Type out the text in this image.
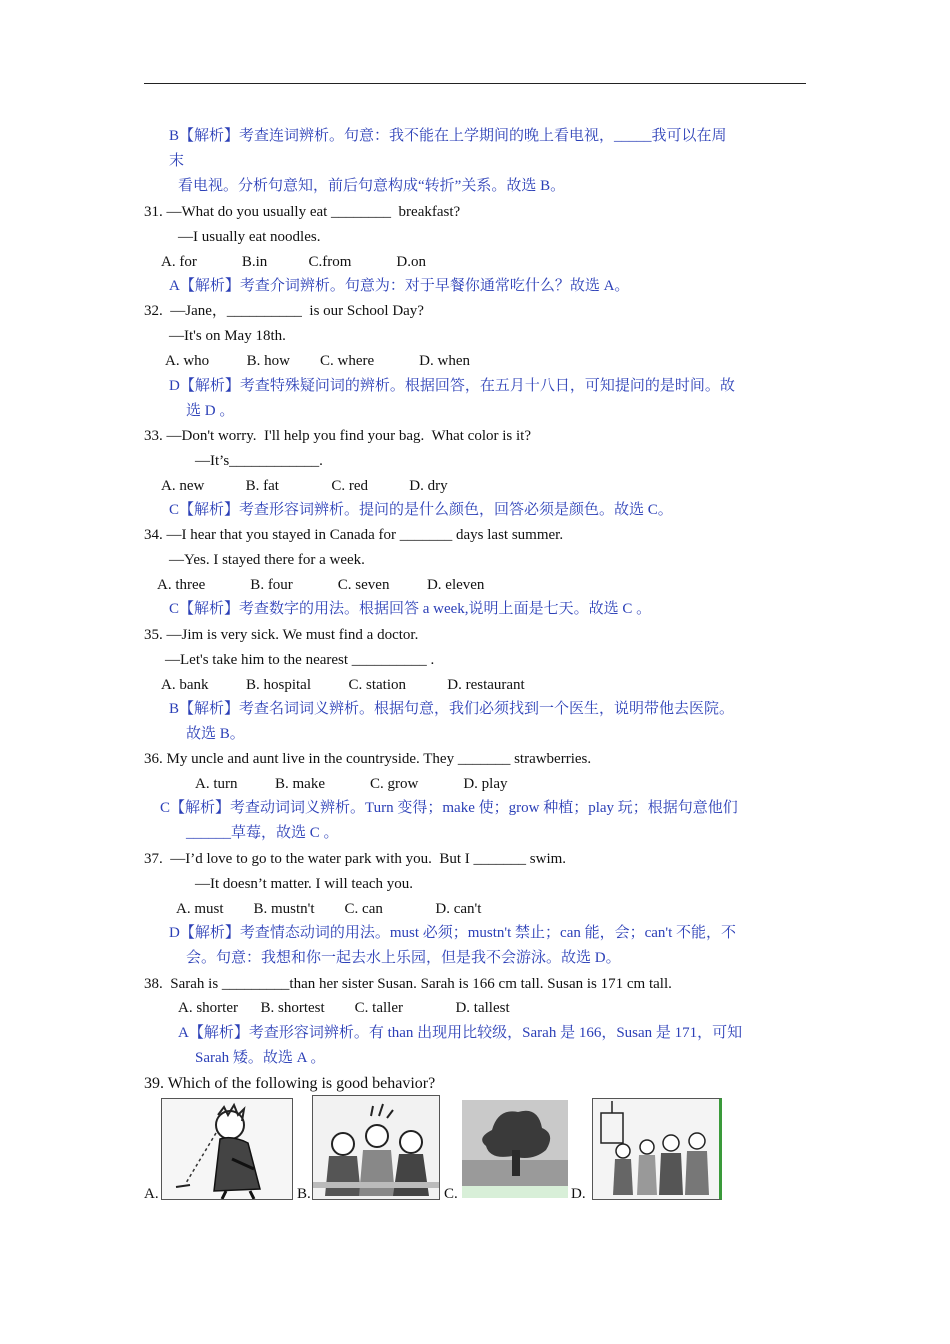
B【解析】考查连词辨析。句意：我不能在上学期间的晚上看电视，_____我可以在周
末
看电视。分析句意知，前后句意构成“转折”关系。故选 B。
31. —What do you usually eat ________  breakfast?
—I usually eat noodles.
A. for            B.in           C.from            D.on
A【解析】考查介词辨析。句意为：对于早餐你通常吃什么？故选 A。
32.  —Jane，__________  is our School Day?
—It's on May 18th.
A. who          B. how        C. where            D. when
D【解析】考查特殊疑问词的辨析。根据回答，在五月十八日，可知提问的是时间。故
选 D 。
33. —Don't worry.  I'll help you find your bag.  What color is it?
—It’s____________.
A. new           B. fat              C. red           D. dry
C【解析】考查形容词辨析。提问的是什么颜色，回答必须是颜色。故选 C。
34. —I hear that you stayed in Canada for _______ days last summer.
—Yes. I stayed there for a week.
A. three            B. four            C. seven          D. eleven
C【解析】考查数字的用法。根据回答 a week,说明上面是七天。故选 C 。
35. —Jim is very sick. We must find a doctor.
—Let's take him to the nearest __________ .
A. bank          B. hospital          C. station           D. restaurant
B【解析】考查名词词义辨析。根据句意，我们必须找到一个医生，说明带他去医院。
故选 B。
36. My uncle and aunt live in the countryside. They _______ strawberries.
A. turn          B. make            C. grow            D. play
C【解析】考查动词词义辨析。Turn 变得；make 使；grow 种植；play 玩；根据句意他们
______草莓，故选 C 。
37.  —I’d love to go to the water park with you.  But I _______ swim.
—It doesn’t matter. I will teach you.
A. must        B. mustn't        C. can              D. can't
D【解析】考查情态动词的用法。must 必须；mustn't 禁止；can 能，会；can't 不能，不
会。句意：我想和你一起去水上乐园，但是我不会游泳。故选 D。
38.  Sarah is _________than her sister Susan. Sarah is 166 cm tall. Susan is 171 cm tall.
A. shorter      B. shortest        C. taller              D. tallest
A【解析】考查形容词辨析。有 than 出现用比较级，Sarah 是 166，Susan 是 171，可知
Sarah 矮。故选 A 。
39. Which of the following is good behavior?
A.	B.	C.	D.
